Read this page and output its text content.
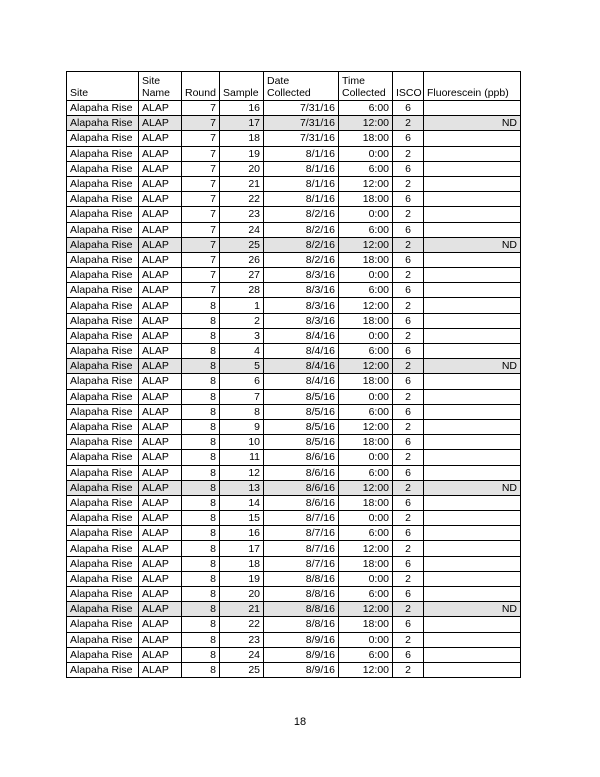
Site	Site Name	Round	Sample	Date Collected	Time Collected	ISCO	Fluorescein (ppb)
Alapaha Rise	ALAP	7	16	7/31/16	6:00	6	
Alapaha Rise	ALAP	7	17	7/31/16	12:00	2	ND
Alapaha Rise	ALAP	7	18	7/31/16	18:00	6	
Alapaha Rise	ALAP	7	19	8/1/16	0:00	2	
Alapaha Rise	ALAP	7	20	8/1/16	6:00	6	
Alapaha Rise	ALAP	7	21	8/1/16	12:00	2	
Alapaha Rise	ALAP	7	22	8/1/16	18:00	6	
Alapaha Rise	ALAP	7	23	8/2/16	0:00	2	
Alapaha Rise	ALAP	7	24	8/2/16	6:00	6	
Alapaha Rise	ALAP	7	25	8/2/16	12:00	2	ND
Alapaha Rise	ALAP	7	26	8/2/16	18:00	6	
Alapaha Rise	ALAP	7	27	8/3/16	0:00	2	
Alapaha Rise	ALAP	7	28	8/3/16	6:00	6	
Alapaha Rise	ALAP	8	1	8/3/16	12:00	2	
Alapaha Rise	ALAP	8	2	8/3/16	18:00	6	
Alapaha Rise	ALAP	8	3	8/4/16	0:00	2	
Alapaha Rise	ALAP	8	4	8/4/16	6:00	6	
Alapaha Rise	ALAP	8	5	8/4/16	12:00	2	ND
Alapaha Rise	ALAP	8	6	8/4/16	18:00	6	
Alapaha Rise	ALAP	8	7	8/5/16	0:00	2	
Alapaha Rise	ALAP	8	8	8/5/16	6:00	6	
Alapaha Rise	ALAP	8	9	8/5/16	12:00	2	
Alapaha Rise	ALAP	8	10	8/5/16	18:00	6	
Alapaha Rise	ALAP	8	11	8/6/16	0:00	2	
Alapaha Rise	ALAP	8	12	8/6/16	6:00	6	
Alapaha Rise	ALAP	8	13	8/6/16	12:00	2	ND
Alapaha Rise	ALAP	8	14	8/6/16	18:00	6	
Alapaha Rise	ALAP	8	15	8/7/16	0:00	2	
Alapaha Rise	ALAP	8	16	8/7/16	6:00	6	
Alapaha Rise	ALAP	8	17	8/7/16	12:00	2	
Alapaha Rise	ALAP	8	18	8/7/16	18:00	6	
Alapaha Rise	ALAP	8	19	8/8/16	0:00	2	
Alapaha Rise	ALAP	8	20	8/8/16	6:00	6	
Alapaha Rise	ALAP	8	21	8/8/16	12:00	2	ND
Alapaha Rise	ALAP	8	22	8/8/16	18:00	6	
Alapaha Rise	ALAP	8	23	8/9/16	0:00	2	
Alapaha Rise	ALAP	8	24	8/9/16	6:00	6	
Alapaha Rise	ALAP	8	25	8/9/16	12:00	2	
18
